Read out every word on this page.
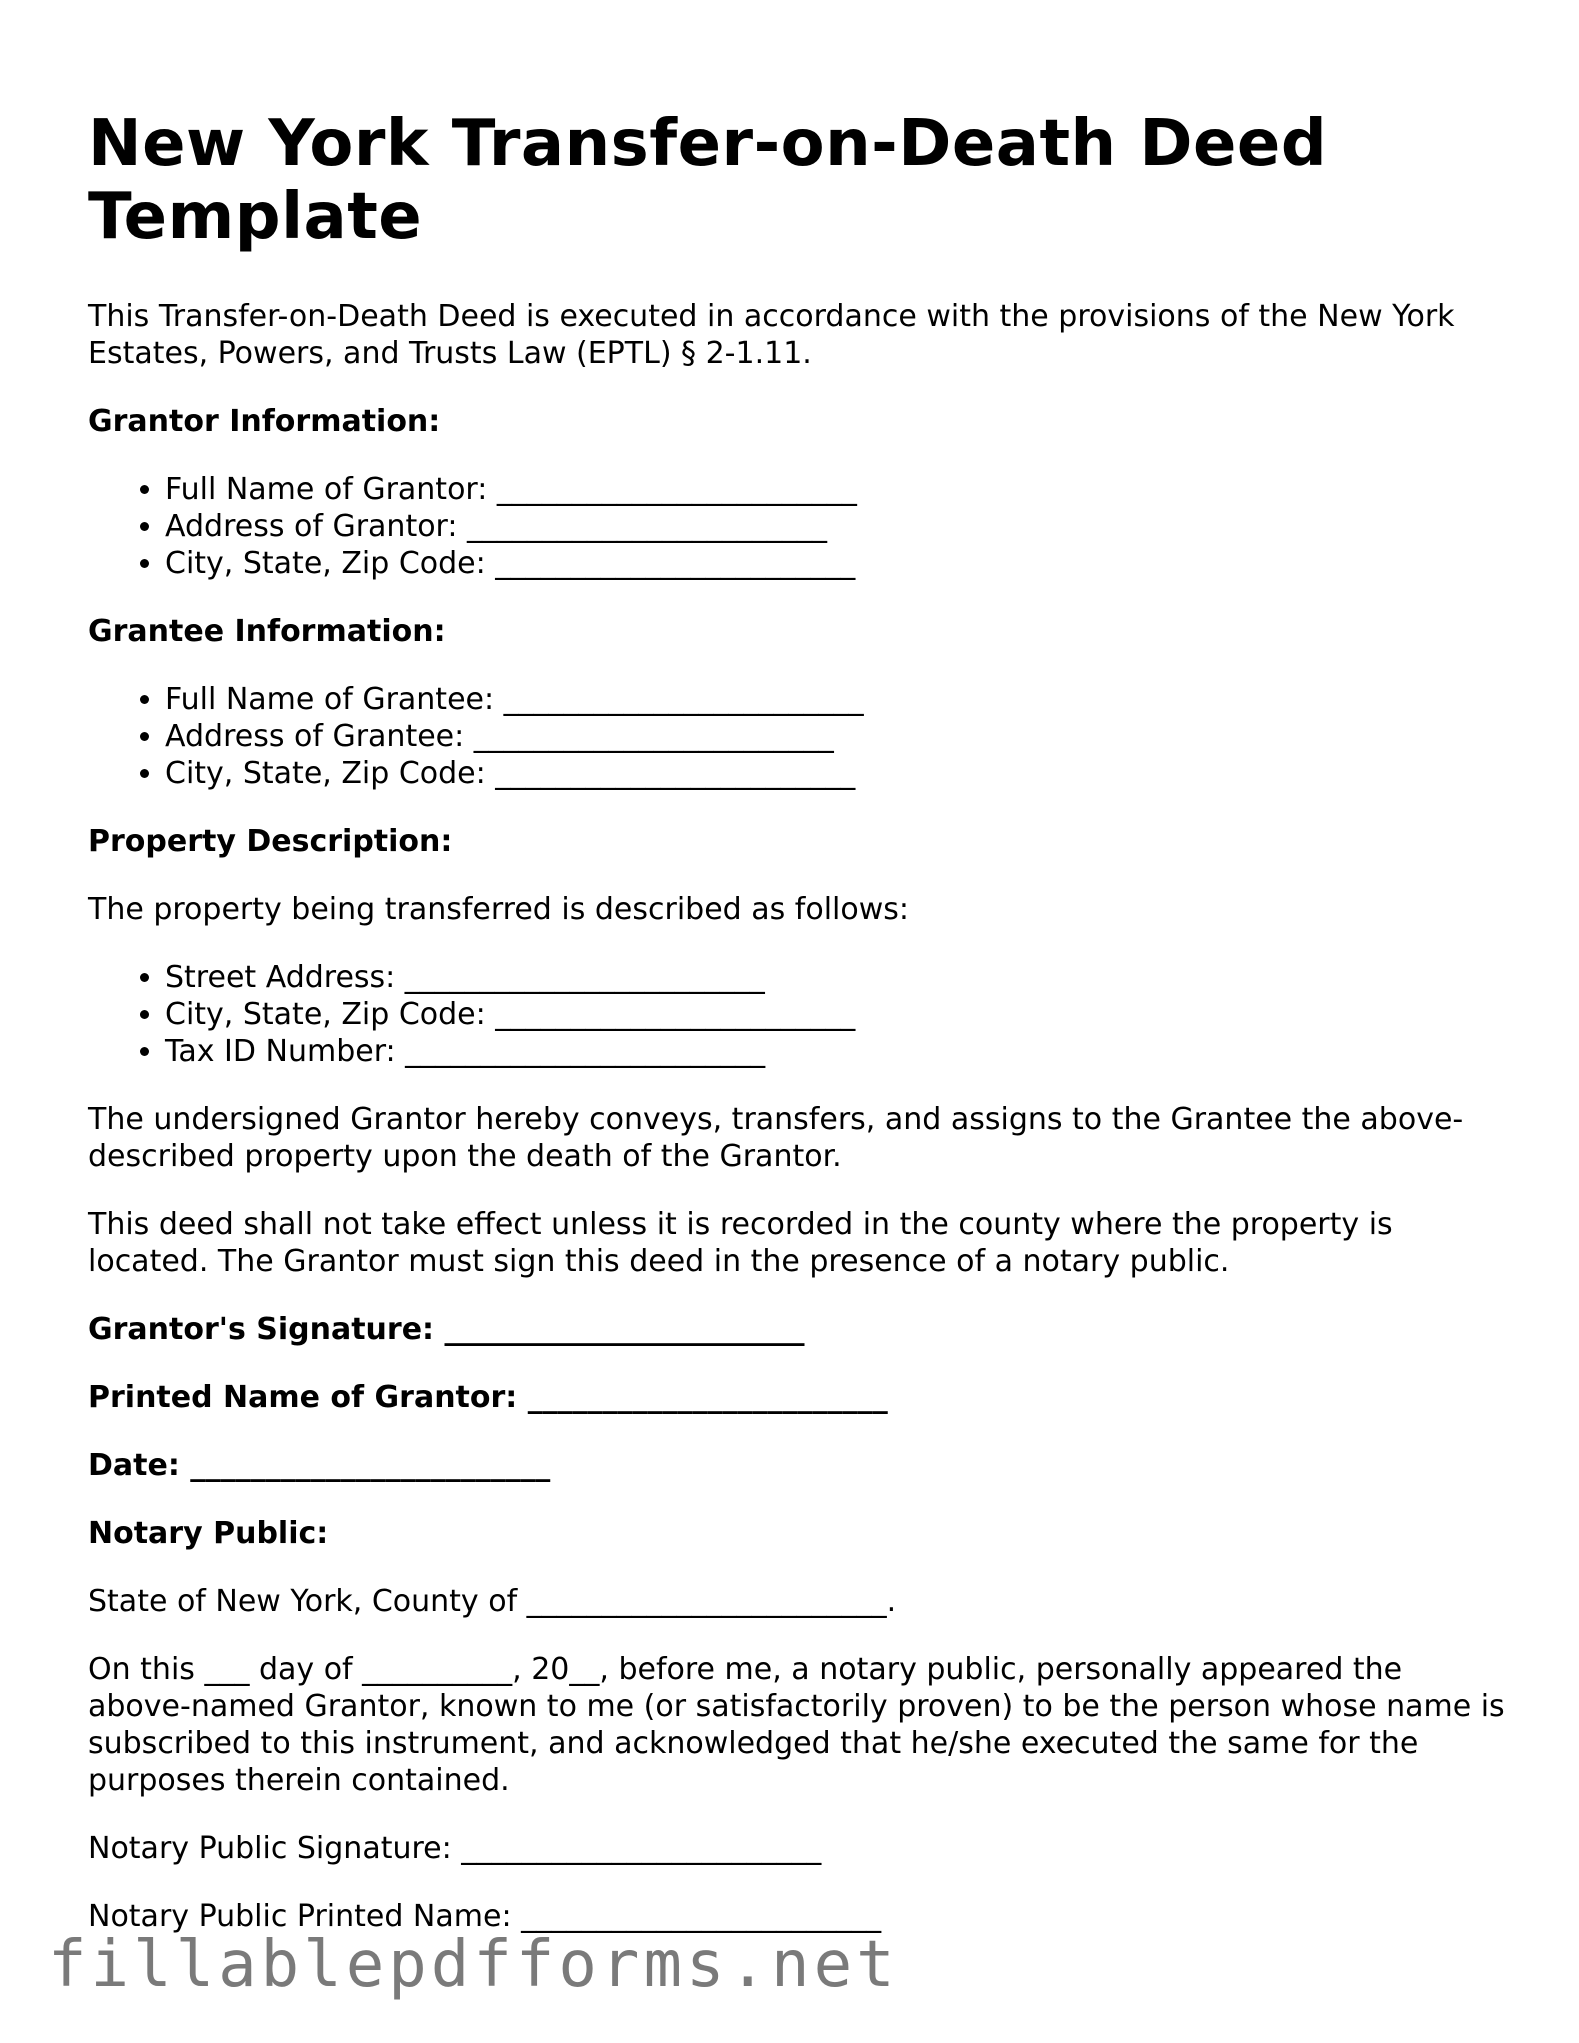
New York Transfer-on-Death Deed Template

This Transfer-on-Death Deed is executed in accordance with the provisions of the New York Estates, Powers, and Trusts Law (EPTL) § 2-1.11.

Grantor Information:

• Full Name of Grantor: ________________________
• Address of Grantor: ________________________
• City, State, Zip Code: ________________________

Grantee Information:

• Full Name of Grantee: ________________________
• Address of Grantee: ________________________
• City, State, Zip Code: ________________________

Property Description:

The property being transferred is described as follows:

• Street Address: ________________________
• City, State, Zip Code: ________________________
• Tax ID Number: ________________________

The undersigned Grantor hereby conveys, transfers, and assigns to the Grantee the above-described property upon the death of the Grantor.

This deed shall not take effect unless it is recorded in the county where the property is located. The Grantor must sign this deed in the presence of a notary public.

Grantor's Signature: ________________________

Printed Name of Grantor: ________________________

Date: ________________________

Notary Public:

State of New York, County of ________________________.

On this ___ day of __________, 20__, before me, a notary public, personally appeared the above-named Grantor, known to me (or satisfactorily proven) to be the person whose name is subscribed to this instrument, and acknowledged that he/she executed the same for the purposes therein contained.

Notary Public Signature: ________________________

Notary Public Printed Name: ________________________

fillablepdfforms.net
